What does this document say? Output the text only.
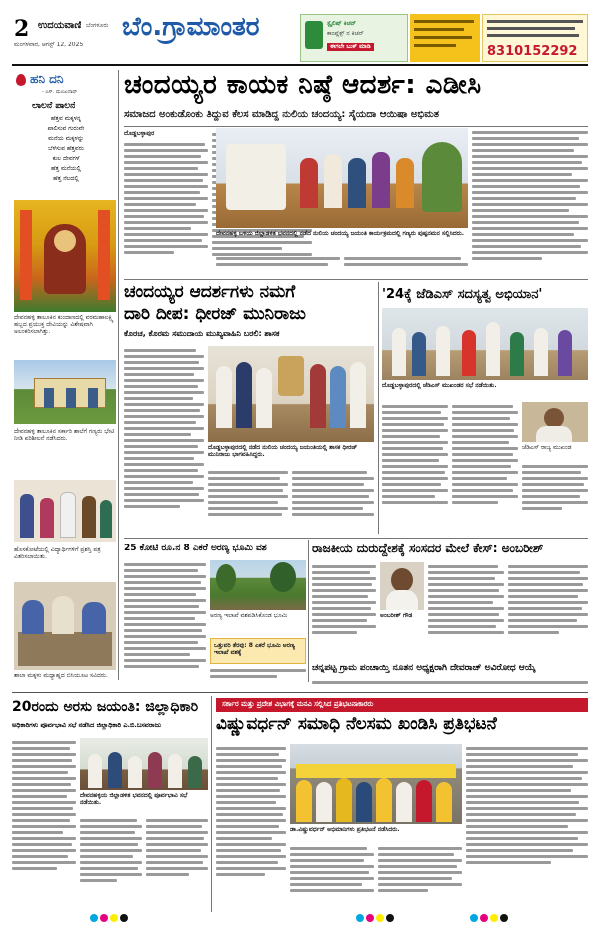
2 ಉದಯವಾಣಿ ಬೆಂಗಳೂರು
ಮಂಗಳವಾರ, ಆಗಸ್ಟ್ 12, 2025
ಬೆಂ.ಗ್ರಾಮಾಂತರ	ಸ್ಟೈಲಿಷ್ ಕಿಚನ್
ಕಾಂಪ್ಲೆಕ್ಸ್ ನ ಕಿಚನ್
ಈಗಲೇ ಬುಕ್ ಮಾಡಿ	8310152292
ಹನಿ ದನಿ
- ಎಸ್. ಮಂಜುನಾಥ್
ಲಾಲನೆ ಪಾಲನೆ
ಹೆತ್ತವ ಮಕ್ಕಳನ್ನ
ಪಾಲಿಸುವ ಗುರುವೇ
ಮನೆಯ ಮಕ್ಕಳನ್ನು
ಬೆಳೆಸುವ ಹೆತ್ತವರು
ಕುಲ ದೇವಗಳೆ
ಹೆತ್ತ ಮನೆಯಲ್ಲಿ
ಹೆತ್ತ ನೆಲದಲ್ಲಿ
ದೇವನಹಳ್ಳಿ ತಾಲೂಕಿನ ಕುಂದಾಣದಲ್ಲಿ ವರಮಹಾಲಕ್ಷ್ಮಿ ಹಬ್ಬದ ಪ್ರಯುಕ್ತ ದೇವಿಯನ್ನು ವಿಶೇಷವಾಗಿ ಅಲಂಕರಿಸಲಾಗಿತ್ತು.
ದೇವನಹಳ್ಳಿ ತಾಲೂಕಿನ ಸರ್ಕಾರಿ ಶಾಲೆಗೆ ಗಣ್ಯರು ಭೇಟಿ ನೀಡಿ ಪರಿಶೀಲನೆ ನಡೆಸಿದರು.
ಹೊಸಕೋಟೆಯಲ್ಲಿ ವಿದ್ಯಾರ್ಥಿಗಳಿಗೆ ಪ್ರಶಸ್ತಿ ಪತ್ರ ವಿತರಿಸಲಾಯಿತು.
ಶಾಲಾ ಮಕ್ಕಳು ಮಧ್ಯಾಹ್ನದ ಬಿಸಿಯೂಟ ಸವಿದರು.
ಚಂದಯ್ಯರ ಕಾಯಕ ನಿಷ್ಠೆ ಆದರ್ಶ: ಎಡೀಸಿ
ಸಮಾಜದ ಅಂಕುಡೊಂಕು ತಿದ್ದುವ ಕೆಲಸ ಮಾಡಿದ್ದ ನುಲಿಯ ಚಂದಯ್ಯ: ಸೈಯದಾ ಆಯಿಷಾ ಅಭಿಮತ
ದೊಡ್ಡಬಳ್ಳಾಪುರ
ದೇವನಹಳ್ಳಿ ಬಳಿಯ ಜಿಲ್ಲಾಡಳಿತ ಭವನದಲ್ಲಿ ನಡೆದ ನುಲಿಯ ಚಂದಯ್ಯ ಜಯಂತಿ ಕಾರ್ಯಕ್ರಮದಲ್ಲಿ ಗಣ್ಯರು ಪುಷ್ಪನಮನ ಸಲ್ಲಿಸಿದರು.
ಚಂದಯ್ಯರ ಆದರ್ಶಗಳು ನಮಗೆ
ದಾರಿ ದೀಪ: ಧೀರಜ್ ಮುನಿರಾಜು
ಕೊರಚ, ಕೊರಮ ಸಮುದಾಯ ಮುಖ್ಯವಾಹಿನಿ ಬರಲಿ: ಶಾಸಕ
ದೊಡ್ಡಬಳ್ಳಾಪುರದಲ್ಲಿ ನಡೆದ ನುಲಿಯ ಚಂದಯ್ಯ ಜಯಂತಿಯಲ್ಲಿ ಶಾಸಕ ಧೀರಜ್ ಮುನಿರಾಜು ಭಾಗವಹಿಸಿದ್ದರು.
'24ಕ್ಕೆ ಜೆಡಿಎಸ್ ಸದಸ್ಯತ್ವ ಅಭಿಯಾನ'
ದೊಡ್ಡಬಳ್ಳಾಪುರದಲ್ಲಿ ಜೆಡಿಎಸ್ ಮುಖಂಡರ ಸಭೆ ನಡೆಯಿತು.
ಜೆಡಿಎಸ್ ರಾಜ್ಯ ಮುಖಂಡ
25 ಕೋಟಿ ರೂ.ನ 8 ಎಕರೆ ಅರಣ್ಯ ಭೂಮಿ ವಶ
ಅರಣ್ಯ ಇಲಾಖೆ ವಶಪಡಿಸಿಕೊಂಡ ಭೂಮಿ
ಒತ್ತುವರಿ ತೆರವು: 8 ಎಕರೆ ಭೂಮಿ ಅರಣ್ಯ ಇಲಾಖೆ ವಶಕ್ಕೆ
ರಾಜಕೀಯ ದುರುದ್ದೇಶಕ್ಕೆ ಸಂಸದರ ಮೇಲೆ ಕೇಸ್: ಅಂಬರೀಶ್
ಅಂಬರೀಶ್ ಗೌಡ
ಚನ್ನಪಟ್ಟ ಗ್ರಾಮ ಪಂಚಾಯ್ತಿ ನೂತನ ಅಧ್ಯಕ್ಷರಾಗಿ ದೇವರಾಜ್ ಅವಿರೋಧ ಆಯ್ಕೆ
20ರಂದು ಅರಸು ಜಯಂತಿ: ಜಿಲ್ಲಾಧಿಕಾರಿ
ಅಧಿಕಾರಿಗಳು ಪೂರ್ವಭಾವಿ ಸಭೆ ನಡೆಸಿದ ಜಿಲ್ಲಾಧಿಕಾರಿ ಎ.ಬಿ.ಬಸವರಾಜು
ದೇವನಹಳ್ಳಿಯ ಜಿಲ್ಲಾಡಳಿತ ಭವನದಲ್ಲಿ ಪೂರ್ವಭಾವಿ ಸಭೆ ನಡೆಯಿತು.
ಸರ್ಕಾರ ಮತ್ತು ಪ್ರದೇಶ ವಿಭಾಗಕ್ಕೆ ಮನವಿ ಸಲ್ಲಿಸಿದ ಪ್ರತಿಭಟನಾಕಾರರು
ವಿಷ್ಣುವರ್ಧನ್ ಸಮಾಧಿ ನೆಲಸಮ ಖಂಡಿಸಿ ಪ್ರತಿಭಟನೆ
ಡಾ.ವಿಷ್ಣುವರ್ಧನ್ ಅಭಿಮಾನಿಗಳು ಪ್ರತಿಭಟನೆ ನಡೆಸಿದರು.
